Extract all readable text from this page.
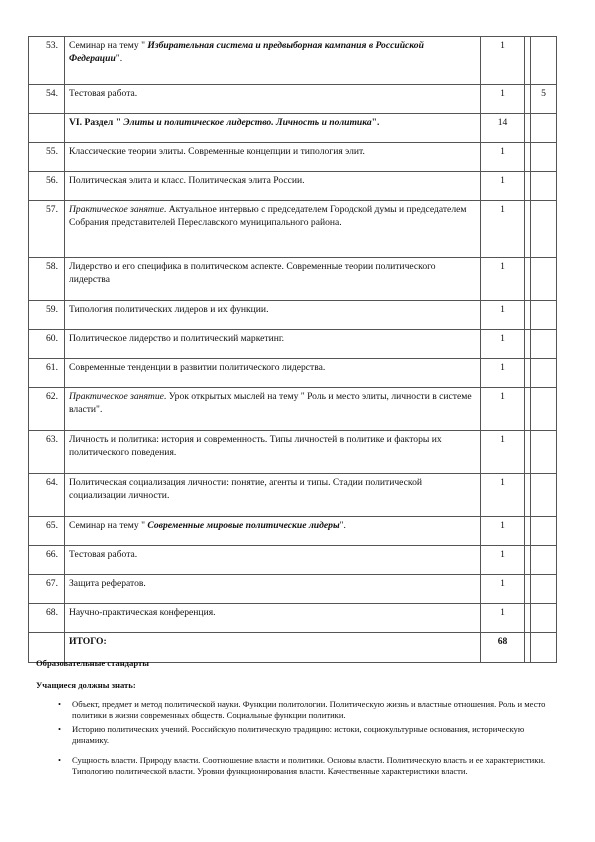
53.	Семинар на тему " Избирательная система и предвыборная кампания в Российской Федерации".	1		
54.	Тестовая работа.	1		5
	VI. Раздел " Элиты и политическое лидерство. Личность и политика".	14		
55.	Классические теории элиты. Современные концепции и типология элит.	1		
56.	Политическая элита и класс. Политическая элита России.	1		
57.	Практическое занятие. Актуальное интервью с председателем Городской думы и председателем Собрания представителей Переславского муниципального района.	1		
58.	Лидерство и его специфика в политическом аспекте. Современные теории политического лидерства	1		
59.	Типология политических лидеров и их функции.	1		
60.	Политическое лидерство и политический маркетинг.	1		
61.	Современные тенденции в развитии политического лидерства.	1		
62.	Практическое занятие. Урок открытых мыслей на тему " Роль и место элиты, личности в системе власти".	1		
63.	Личность и политика: история и современность. Типы личностей в политике и факторы их политического поведения.	1		
64.	Политическая социализация личности: понятие, агенты и типы. Стадии политической социализации личности.	1		
65.	Семинар на тему " Современные мировые политические лидеры".	1		
66.	Тестовая работа.	1		
67.	Защита рефератов.	1		
68.	Научно-практическая конференция.	1		
	ИТОГО:	68		
Образовательные стандарты
Учащиеся должны знать:
• Объект, предмет и метод политической науки. Функции политологии. Политическую жизнь и властные отношения. Роль и место политики в жизни современных обществ. Социальные функции политики.
• Историю политических учений. Российскую политическую традицию: истоки, социокультурные основания, историческую динамику.
• Сущность власти. Природу власти. Соотношение власти и политики. Основы власти. Политическую власть и ее характеристики. Типологию политической власти. Уровни функционирования власти. Качественные характеристики власти.
